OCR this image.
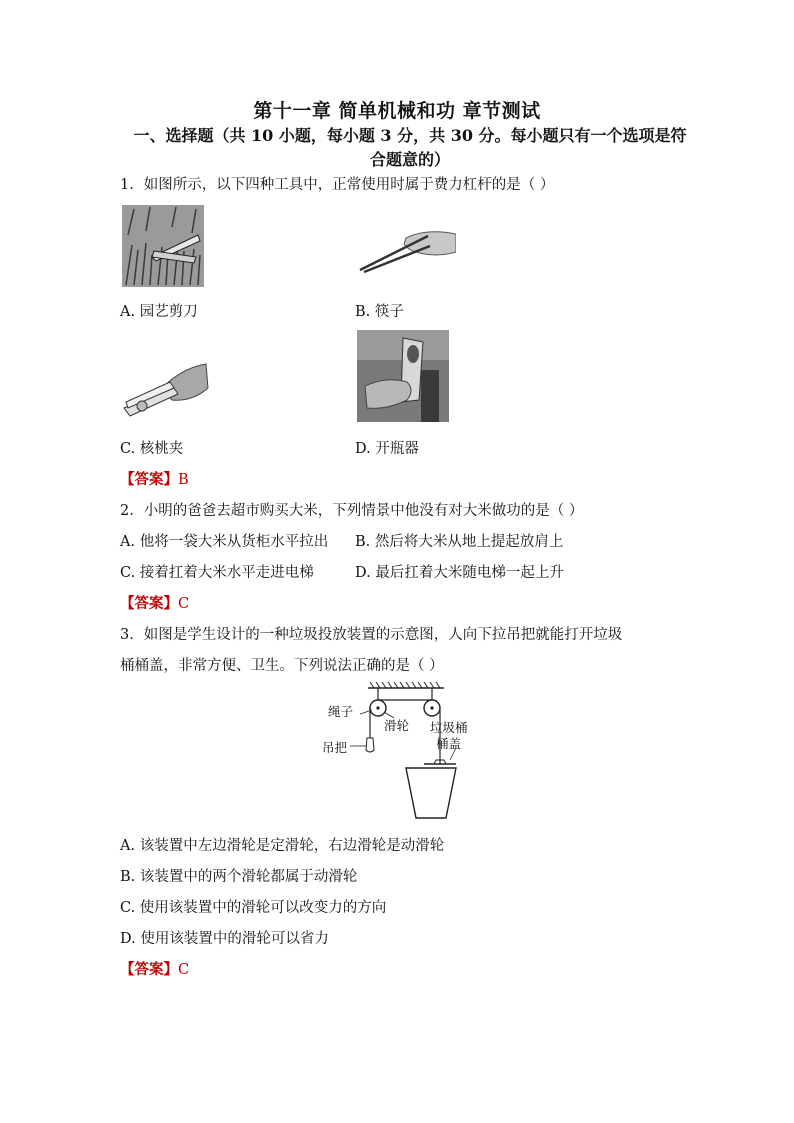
第十一章 简单机械和功 章节测试
一、选择题（共 10 小题，每小题 3 分，共 30 分。每小题只有一个选项是符合题意的）
1．如图所示，以下四种工具中，正常使用时属于费力杠杆的是（ ）
A. 园艺剪刀	B. 筷子
C. 核桃夹	D. 开瓶器
【答案】B
2．小明的爸爸去超市购买大米，下列情景中他没有对大米做功的是（ ）
A. 他将一袋大米从货柜水平拉出 B. 然后将大米从地上提起放肩上
C. 接着扛着大米水平走进电梯	D. 最后扛着大米随电梯一起上升
【答案】C
3．如图是学生设计的一种垃圾投放装置的示意图，人向下拉吊把就能打开垃圾
桶桶盖，非常方便、卫生。下列说法正确的是（ ）
绳子
滑轮
吊把
垃圾桶
桶盖
A. 该装置中左边滑轮是定滑轮，右边滑轮是动滑轮
B. 该装置中的两个滑轮都属于动滑轮
C. 使用该装置中的滑轮可以改变力的方向
D. 使用该装置中的滑轮可以省力
【答案】C
